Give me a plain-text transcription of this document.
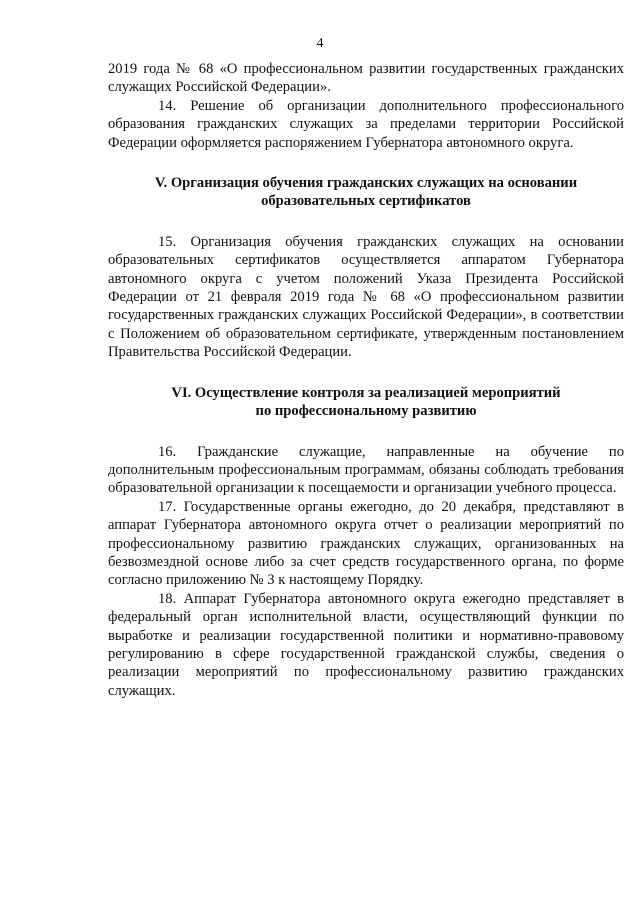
4

2019 года № 68 «О профессиональном развитии государственных гражданских служащих Российской Федерации».

14. Решение об организации дополнительного профессионального образования гражданских служащих за пределами территории Российской Федерации оформляется распоряжением Губернатора автономного округа.

V. Организация обучения гражданских служащих на основании
образовательных сертификатов

15. Организация обучения гражданских служащих на основании образовательных сертификатов осуществляется аппаратом Губернатора автономного округа с учетом положений Указа Президента Российской Федерации от 21 февраля 2019 года № 68 «О профессиональном развитии государственных гражданских служащих Российской Федерации», в соответствии с Положением об образовательном сертификате, утвержденным постановлением Правительства Российской Федерации.

VI. Осуществление контроля за реализацией мероприятий
по профессиональному развитию

16. Гражданские служащие, направленные на обучение по дополнительным профессиональным программам, обязаны соблюдать требования образовательной организации к посещаемости и организации учебного процесса.

17. Государственные органы ежегодно, до 20 декабря, представляют в аппарат Губернатора автономного округа отчет о реализации мероприятий по профессиональному развитию гражданских служащих, организованных на безвозмездной основе либо за счет средств государственного органа, по форме согласно приложению № 3 к настоящему Порядку.

18. Аппарат Губернатора автономного округа ежегодно представляет в федеральный орган исполнительной власти, осуществляющий функции по выработке и реализации государственной политики и нормативно-правовому регулированию в сфере государственной гражданской службы, сведения о реализации мероприятий по профессиональному развитию гражданских служащих.
